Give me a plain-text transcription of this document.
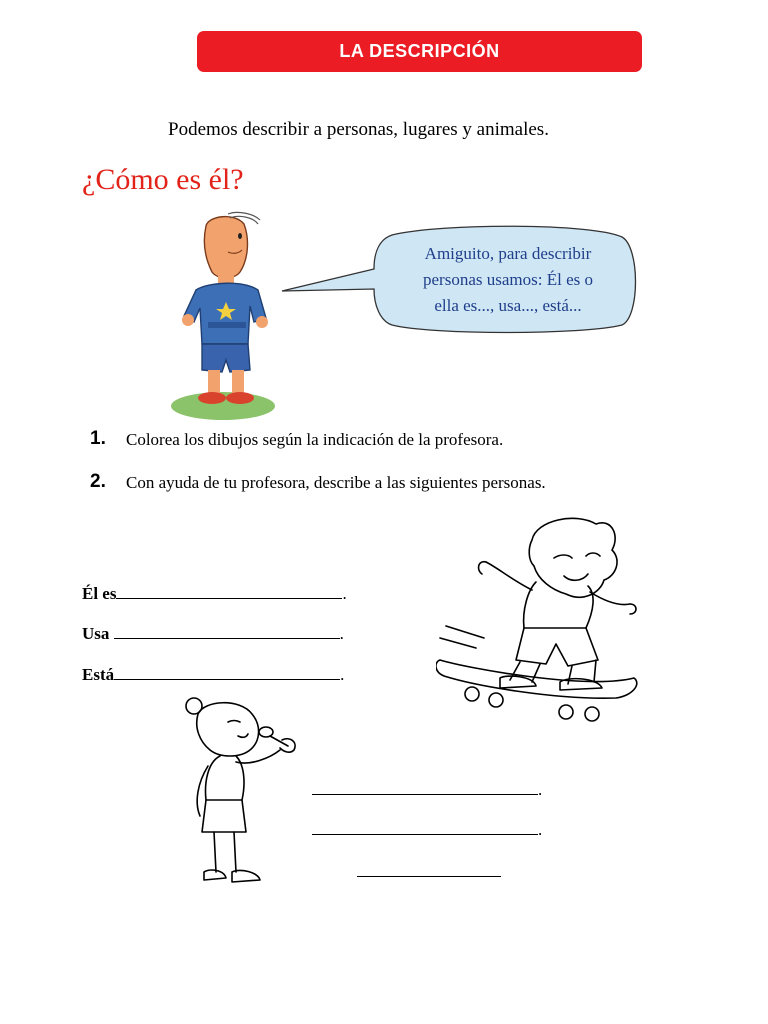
LA DESCRIPCIÓN
Podemos describir a personas, lugares y animales.
¿Cómo es él?
Amiguito, para describir
personas usamos: Él es o
ella es..., usa..., está...
1. Colorea los dibujos según la indicación de la profesora.
2. Con ayuda de tu profesora, describe a las siguientes personas.
Él es	.
Usa	.
Está	.
.
.
